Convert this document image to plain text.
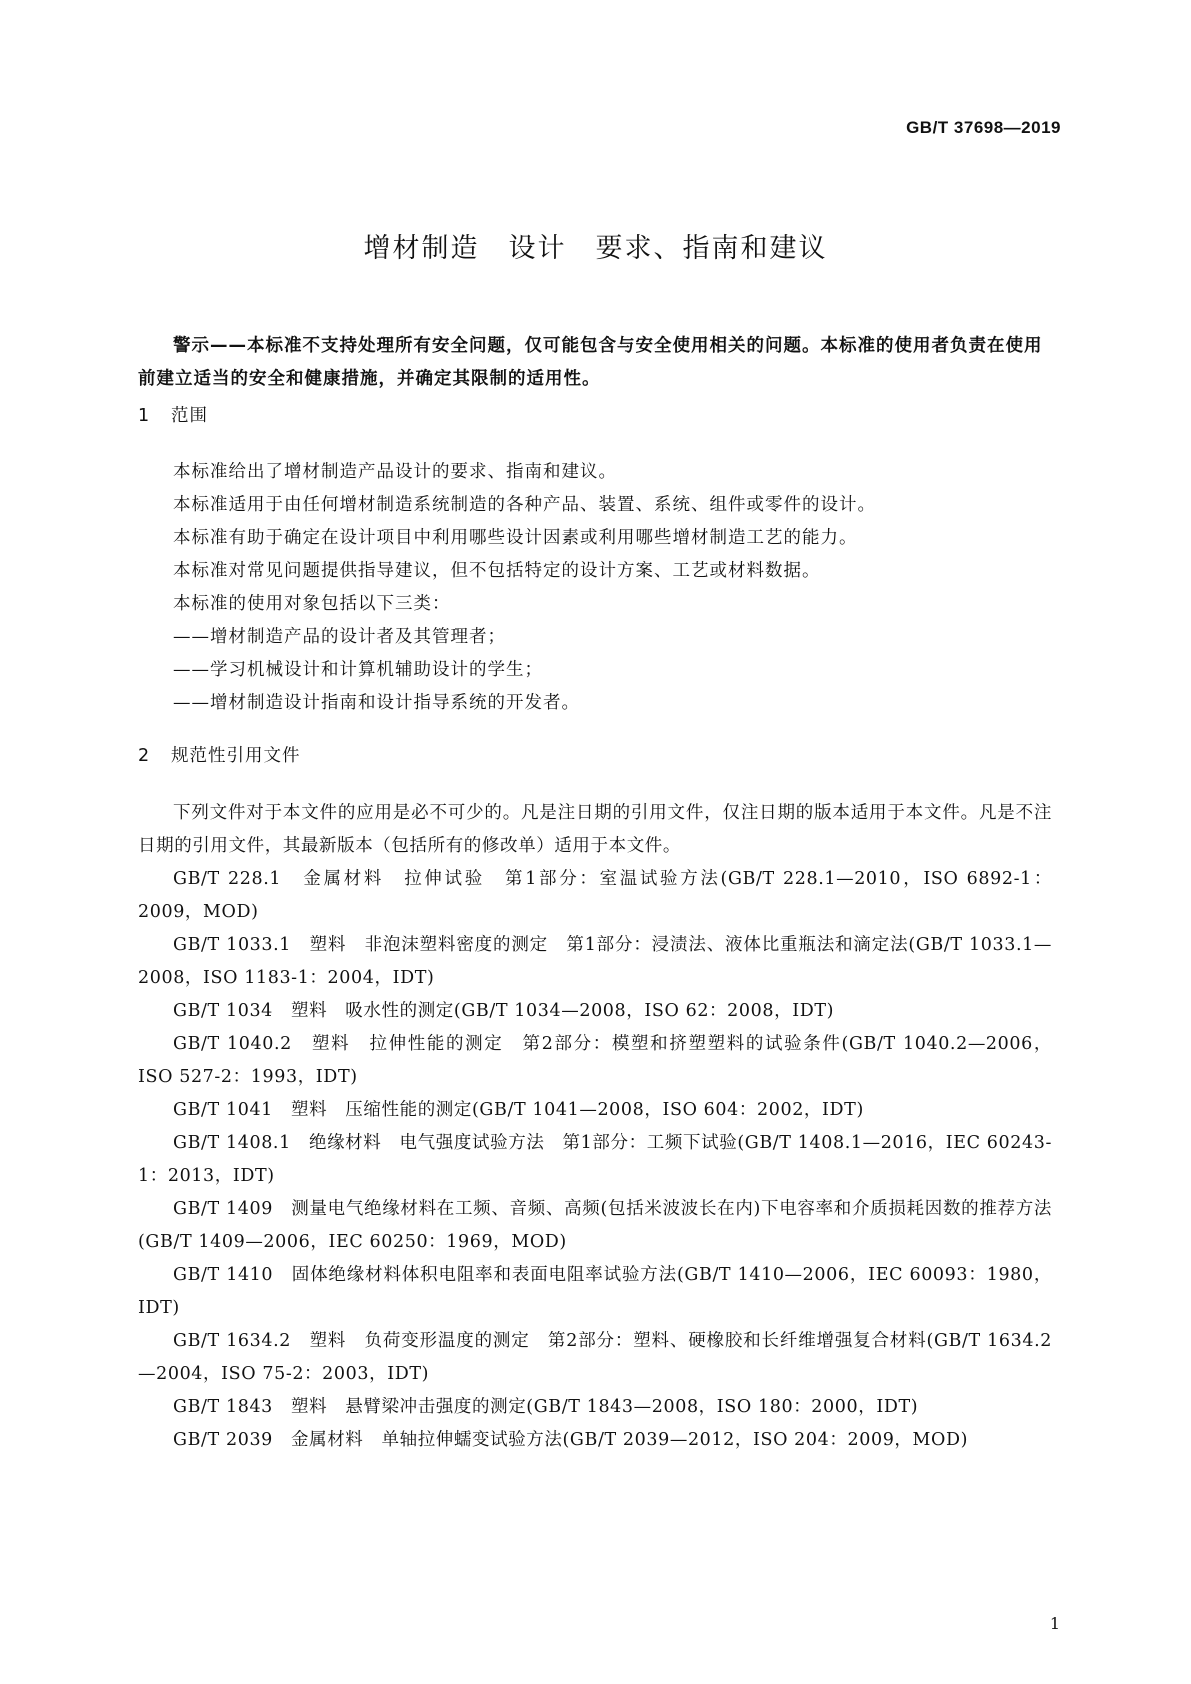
GB/T 37698—2019
增材制造　设计　要求、指南和建议
警示——本标准不支持处理所有安全问题，仅可能包含与安全使用相关的问题。本标准的使用者负责在使用前建立适当的安全和健康措施，并确定其限制的适用性。
1 范围

本标准给出了增材制造产品设计的要求、指南和建议。

本标准适用于由任何增材制造系统制造的各种产品、装置、系统、组件或零件的设计。

本标准有助于确定在设计项目中利用哪些设计因素或利用哪些增材制造工艺的能力。

本标准对常见问题提供指导建议，但不包括特定的设计方案、工艺或材料数据。

本标准的使用对象包括以下三类：

——增材制造产品的设计者及其管理者；

——学习机械设计和计算机辅助设计的学生；

——增材制造设计指南和设计指导系统的开发者。

2 规范性引用文件

下列文件对于本文件的应用是必不可少的。凡是注日期的引用文件，仅注日期的版本适用于本文件。凡是不注日期的引用文件，其最新版本（包括所有的修改单）适用于本文件。

GB/T 228.1　金属材料　拉伸试验　第1部分：室温试验方法(GB/T 228.1—2010，ISO 6892-1：2009，MOD)

GB/T 1033.1　塑料　非泡沫塑料密度的测定　第1部分：浸渍法、液体比重瓶法和滴定法(GB/T 1033.1—2008，ISO 1183-1：2004，IDT)

GB/T 1034　塑料　吸水性的测定(GB/T 1034—2008，ISO 62：2008，IDT)

GB/T 1040.2　塑料　拉伸性能的测定　第2部分：模塑和挤塑塑料的试验条件(GB/T 1040.2—2006，ISO 527-2：1993，IDT)

GB/T 1041　塑料　压缩性能的测定(GB/T 1041—2008，ISO 604：2002，IDT)

GB/T 1408.1　绝缘材料　电气强度试验方法　第1部分：工频下试验(GB/T 1408.1—2016，IEC 60243-1：2013，IDT)

GB/T 1409　测量电气绝缘材料在工频、音频、高频(包括米波波长在内)下电容率和介质损耗因数的推荐方法(GB/T 1409—2006，IEC 60250：1969，MOD)

GB/T 1410　固体绝缘材料体积电阻率和表面电阻率试验方法(GB/T 1410—2006，IEC 60093：1980，IDT)

GB/T 1634.2　塑料　负荷变形温度的测定　第2部分：塑料、硬橡胶和长纤维增强复合材料(GB/T 1634.2—2004，ISO 75-2：2003，IDT)

GB/T 1843　塑料　悬臂梁冲击强度的测定(GB/T 1843—2008，ISO 180：2000，IDT)

GB/T 2039　金属材料　单轴拉伸蠕变试验方法(GB/T 2039—2012，ISO 204：2009，MOD)

1
